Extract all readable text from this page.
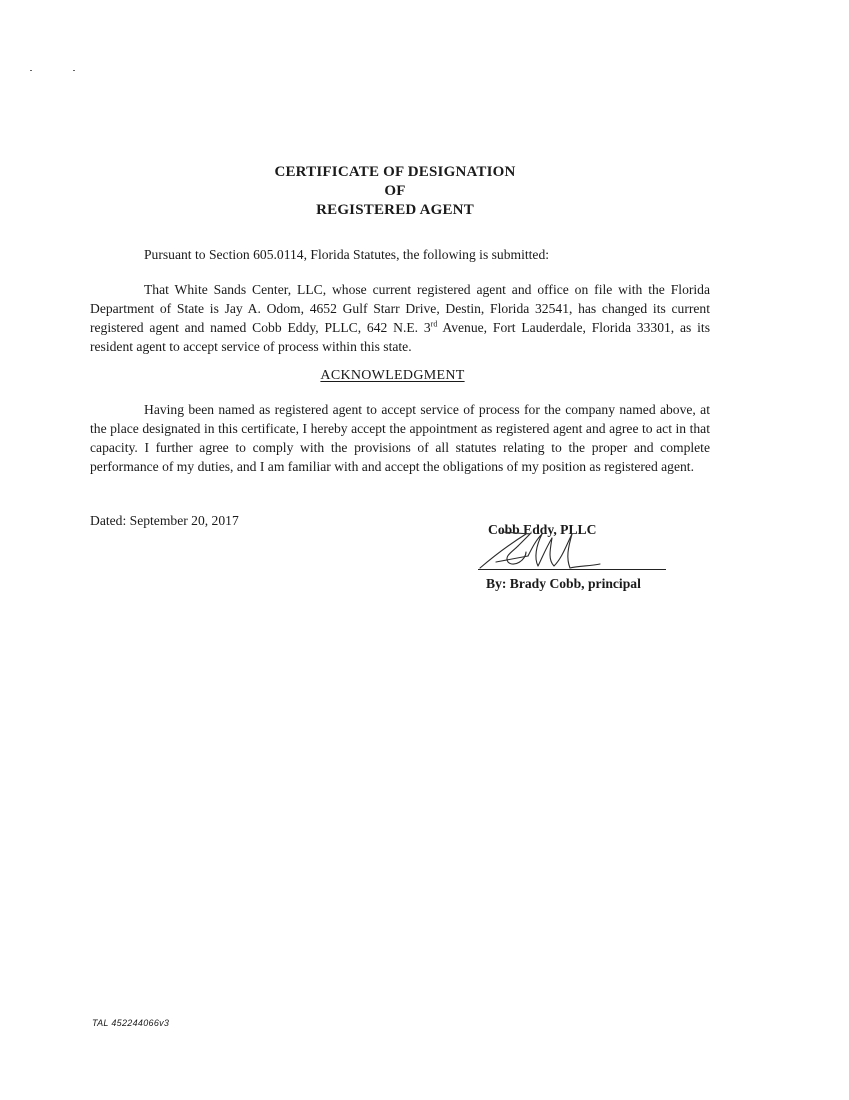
CERTIFICATE OF DESIGNATION
OF
REGISTERED AGENT
Pursuant to Section 605.0114, Florida Statutes, the following is submitted:
That White Sands Center, LLC, whose current registered agent and office on file with the Florida Department of State is Jay A. Odom, 4652 Gulf Starr Drive, Destin, Florida 32541, has changed its current registered agent and named Cobb Eddy, PLLC, 642 N.E. 3rd Avenue, Fort Lauderdale, Florida 33301, as its resident agent to accept service of process within this state.
ACKNOWLEDGMENT
Having been named as registered agent to accept service of process for the company named above, at the place designated in this certificate, I hereby accept the appointment as registered agent and agree to act in that capacity. I further agree to comply with the provisions of all statutes relating to the proper and complete performance of my duties, and I am familiar with and accept the obligations of my position as registered agent.
Dated: September 20, 2017
Cobb Eddy, PLLC
By: Brady Cobb, principal
TAL 452244066v3
